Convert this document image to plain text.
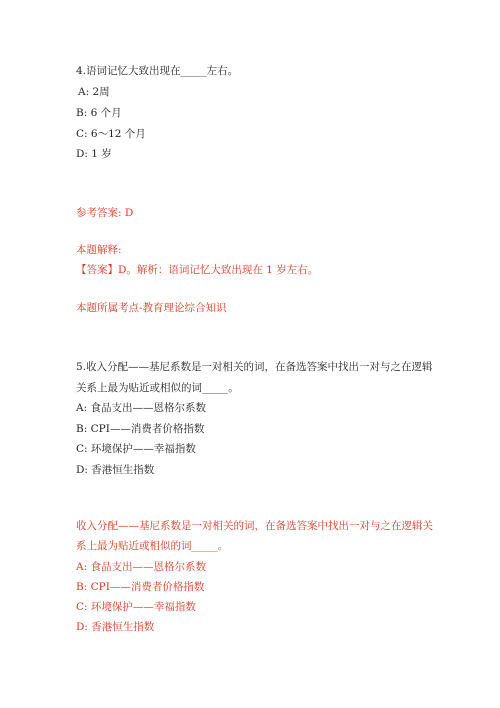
4.语词记忆大致出现在_____左右。
A: 2周
B: 6 个月
C: 6～12 个月
D: 1 岁
参考答案: D
本题解释:
【答案】D。解析：语词记忆大致出现在 1 岁左右。
本题所属考点-教育理论综合知识
5.收入分配——基尼系数是一对相关的词，在备选答案中找出一对与之在逻辑
关系上最为贴近或相似的词_____。
A: 食品支出——恩格尔系数
B: CPI——消费者价格指数
C: 环境保护——幸福指数
D: 香港恒生指数
收入分配——基尼系数是一对相关的词，在备选答案中找出一对与之在逻辑关
系上最为贴近或相似的词_____。
A: 食品支出——恩格尔系数
B: CPI——消费者价格指数
C: 环境保护——幸福指数
D: 香港恒生指数
